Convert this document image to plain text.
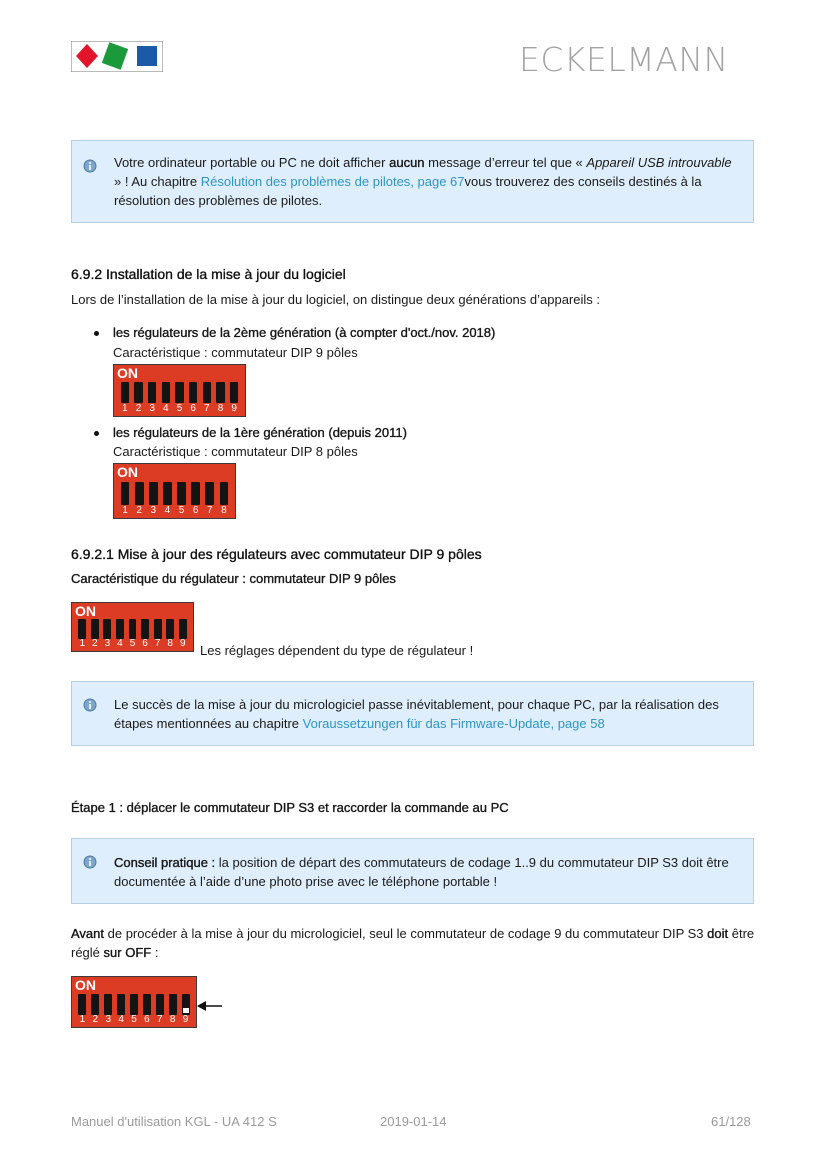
ECKELMANN
Votre ordinateur portable ou PC ne doit afficher aucun message d’erreur tel que « Appareil USB introuvable » ! Au chapitre Résolution des problèmes de pilotes, page 67vous trouverez des conseils destinés à la résolution des problèmes de pilotes.
6.9.2 Installation de la mise à jour du logiciel
Lors de l’installation de la mise à jour du logiciel, on distingue deux générations d’appareils :
les régulateurs de la 2ème génération (à compter d'oct./nov. 2018)
Caractéristique : commutateur DIP 9 pôles
ON
1 2 3 4 5 6 7 8 9
les régulateurs de la 1ère génération (depuis 2011)
Caractéristique : commutateur DIP 8 pôles
ON
1 2 3 4 5 6 7 8
6.9.2.1 Mise à jour des régulateurs avec commutateur DIP 9 pôles
Caractéristique du régulateur : commutateur DIP 9 pôles
ON
1 2 3 4 5 6 7 8 9 Les réglages dépendent du type de régulateur !
Le succès de la mise à jour du micrologiciel passe inévitablement, pour chaque PC, par la réalisation des étapes mentionnées au chapitre Voraussetzungen für das Firmware-Update, page 58
Étape 1 : déplacer le commutateur DIP S3 et raccorder la commande au PC
Conseil pratique : la position de départ des commutateurs de codage 1..9 du commutateur DIP S3 doit être documentée à l’aide d’une photo prise avec le téléphone portable !
Avant de procéder à la mise à jour du micrologiciel, seul le commutateur de codage 9 du commutateur DIP S3 doit être réglé sur OFF :
ON
1 2 3 4 5 6 7 8 9
Manuel d'utilisation KGL - UA 412 S	2019-01-14	61/128
